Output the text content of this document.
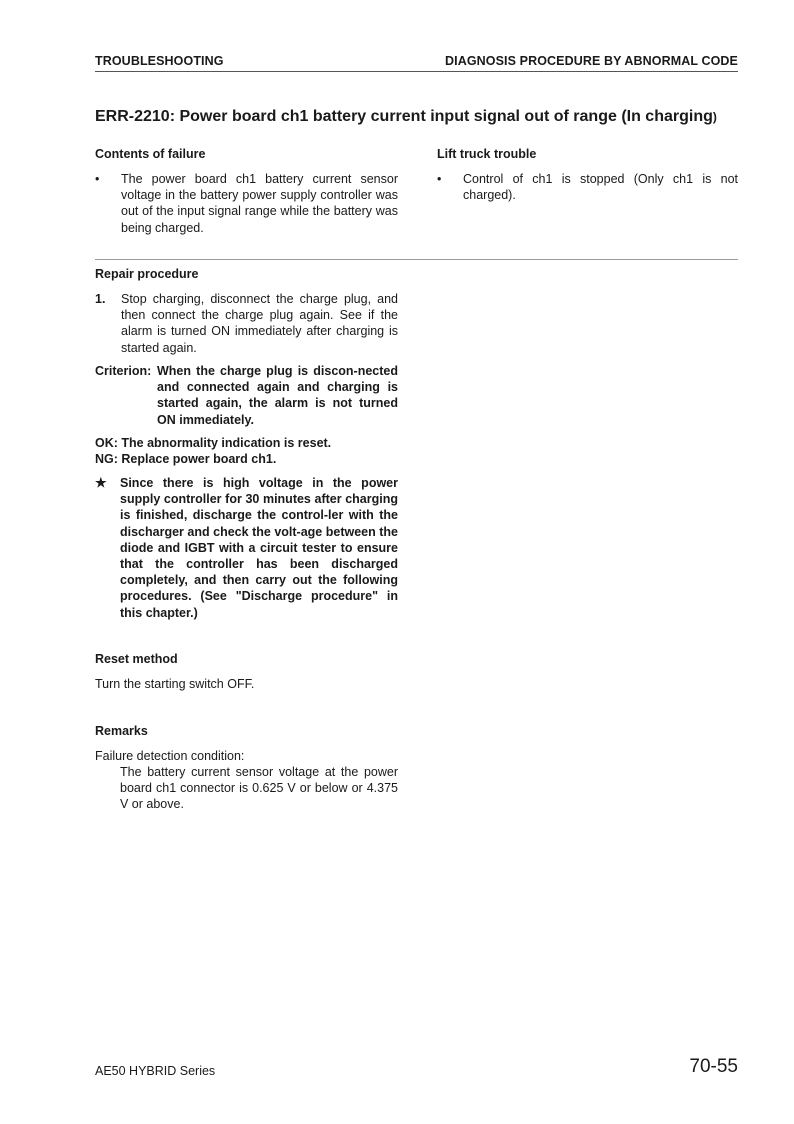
TROUBLESHOOTING	DIAGNOSIS PROCEDURE BY ABNORMAL CODE
ERR-2210: Power board ch1 battery current input signal out of range (In charging)
Contents of failure
•	The power board ch1 battery current sensor voltage in the battery power supply controller was out of the input signal range while the battery was being charged.
Lift truck trouble
•	Control of ch1 is stopped (Only ch1 is not charged).
Repair procedure
1.	Stop charging, disconnect the charge plug, and then connect the charge plug again. See if the alarm is turned ON immediately after charging is started again.
Criterion: When the charge plug is discon-nected and connected again and charging is started again, the alarm is not turned ON immediately.
OK: The abnormality indication is reset.
NG: Replace power board ch1.
★	Since there is high voltage in the power supply controller for 30 minutes after charging is finished, discharge the control-ler with the discharger and check the volt-age between the diode and IGBT with a circuit tester to ensure that the controller has been discharged completely, and then carry out the following procedures. (See "Discharge procedure" in this chapter.)
Reset method
Turn the starting switch OFF.
Remarks
Failure detection condition:
The battery current sensor voltage at the power board ch1 connector is 0.625 V or below or 4.375 V or above.
AE50 HYBRID Series	70-55
